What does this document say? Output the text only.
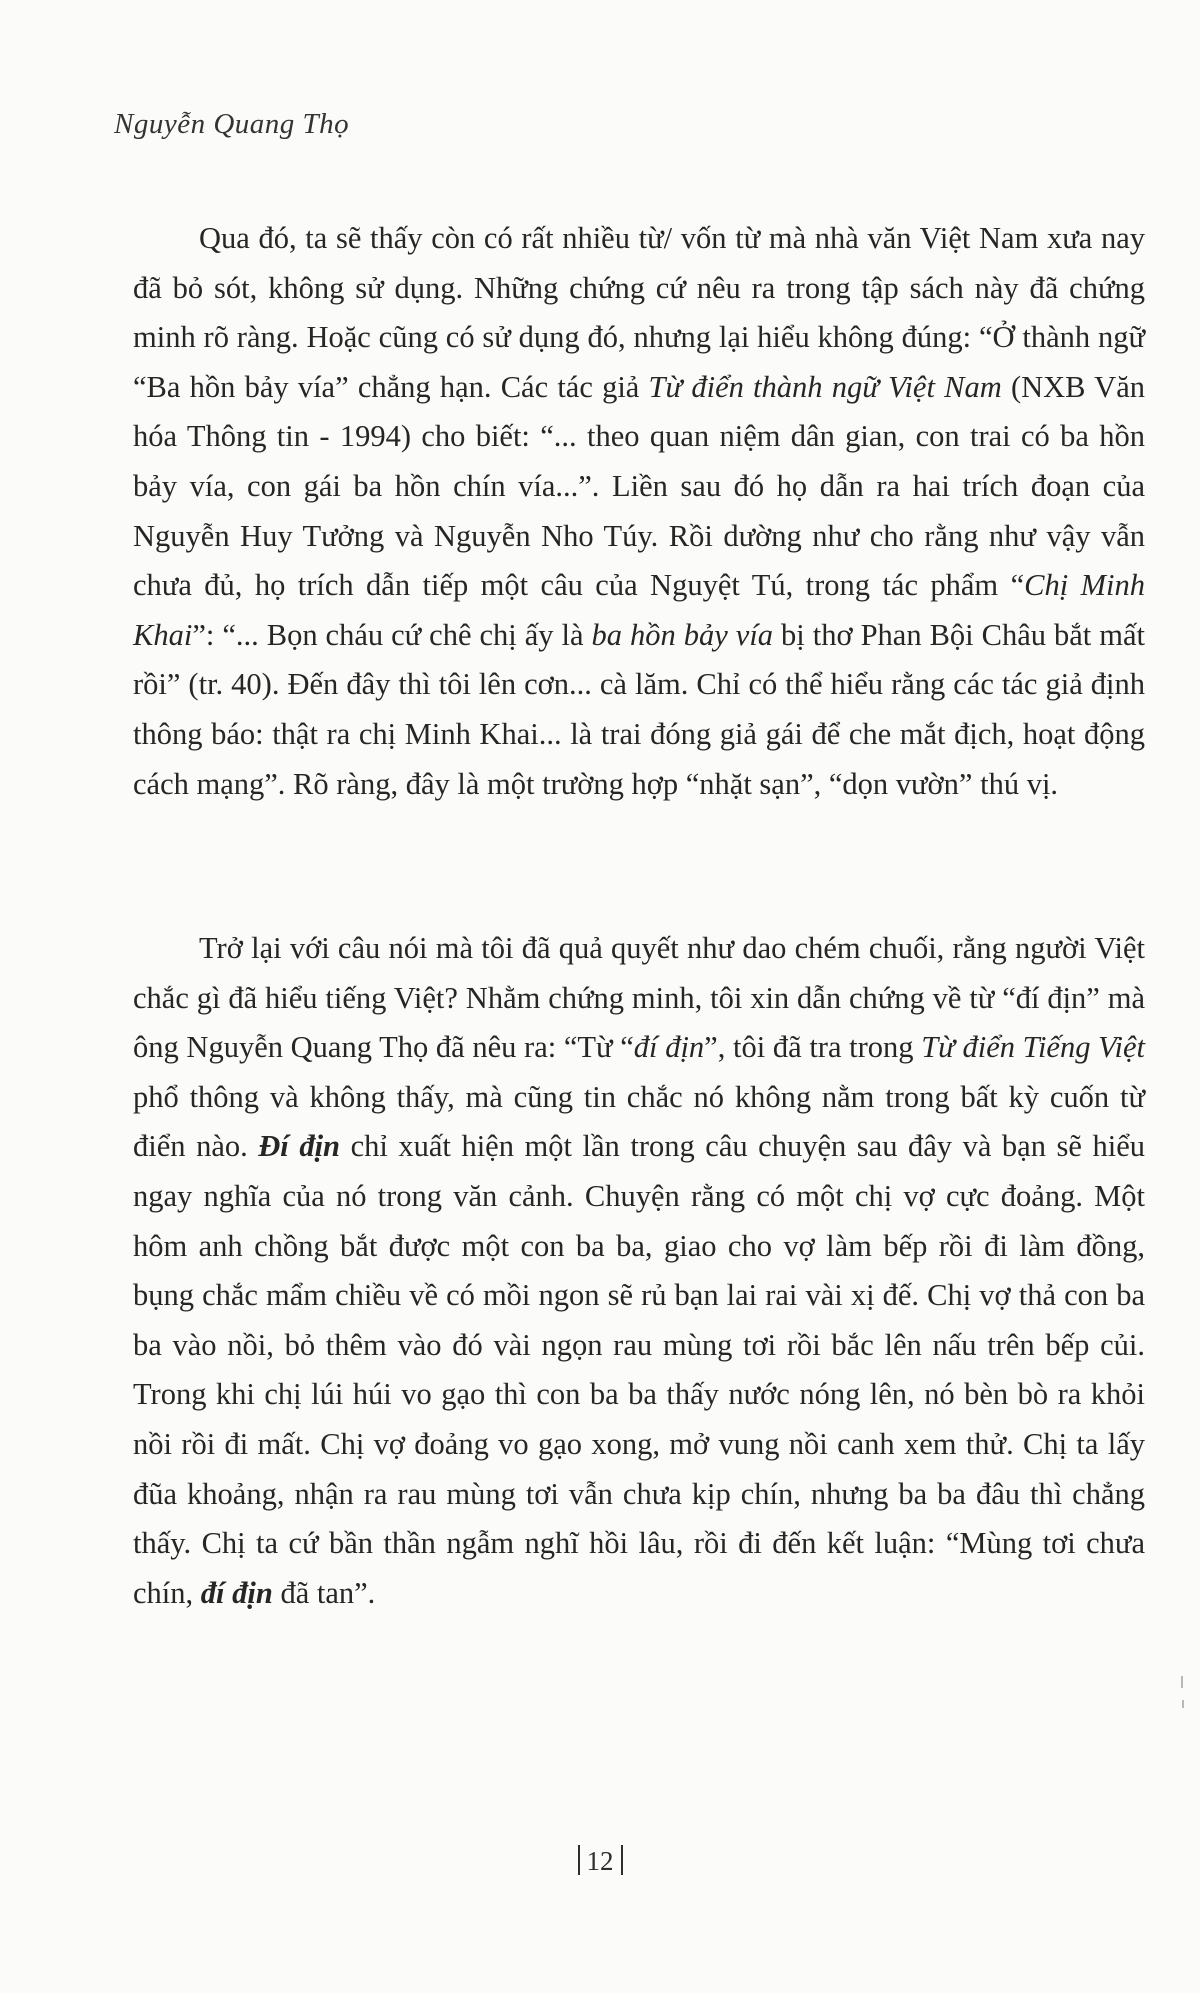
Nguyễn Quang Thọ

Qua đó, ta sẽ thấy còn có rất nhiều từ/ vốn từ mà nhà văn Việt Nam xưa nay đã bỏ sót, không sử dụng. Những chứng cứ nêu ra trong tập sách này đã chứng minh rõ ràng. Hoặc cũng có sử dụng đó, nhưng lại hiểu không đúng: “Ở thành ngữ “Ba hồn bảy vía” chẳng hạn. Các tác giả Từ điển thành ngữ Việt Nam (NXB Văn hóa Thông tin - 1994) cho biết: “... theo quan niệm dân gian, con trai có ba hồn bảy vía, con gái ba hồn chín vía...”. Liền sau đó họ dẫn ra hai trích đoạn của Nguyễn Huy Tưởng và Nguyễn Nho Túy. Rồi dường như cho rằng như vậy vẫn chưa đủ, họ trích dẫn tiếp một câu của Nguyệt Tú, trong tác phẩm “Chị Minh Khai”: “... Bọn cháu cứ chê chị ấy là ba hồn bảy vía bị thơ Phan Bội Châu bắt mất rồi” (tr. 40). Đến đây thì tôi lên cơn... cà lăm. Chỉ có thể hiểu rằng các tác giả định thông báo: thật ra chị Minh Khai... là trai đóng giả gái để che mắt địch, hoạt động cách mạng”. Rõ ràng, đây là một trường hợp “nhặt sạn”, “dọn vườn” thú vị.

Trở lại với câu nói mà tôi đã quả quyết như dao chém chuối, rằng người Việt chắc gì đã hiểu tiếng Việt? Nhằm chứng minh, tôi xin dẫn chứng về từ “đí địn” mà ông Nguyễn Quang Thọ đã nêu ra: “Từ “đí địn”, tôi đã tra trong Từ điển Tiếng Việt phổ thông và không thấy, mà cũng tin chắc nó không nằm trong bất kỳ cuốn từ điển nào. Đí địn chỉ xuất hiện một lần trong câu chuyện sau đây và bạn sẽ hiểu ngay nghĩa của nó trong văn cảnh. Chuyện rằng có một chị vợ cực đoảng. Một hôm anh chồng bắt được một con ba ba, giao cho vợ làm bếp rồi đi làm đồng, bụng chắc mẩm chiều về có mồi ngon sẽ rủ bạn lai rai vài xị đế. Chị vợ thả con ba ba vào nồi, bỏ thêm vào đó vài ngọn rau mùng tơi rồi bắc lên nấu trên bếp củi. Trong khi chị lúi húi vo gạo thì con ba ba thấy nước nóng lên, nó bèn bò ra khỏi nồi rồi đi mất. Chị vợ đoảng vo gạo xong, mở vung nồi canh xem thử. Chị ta lấy đũa khoảng, nhận ra rau mùng tơi vẫn chưa kịp chín, nhưng ba ba đâu thì chẳng thấy. Chị ta cứ bần thần ngẫm nghĩ hồi lâu, rồi đi đến kết luận: “Mùng tơi chưa chín, đí địn đã tan”.

12
